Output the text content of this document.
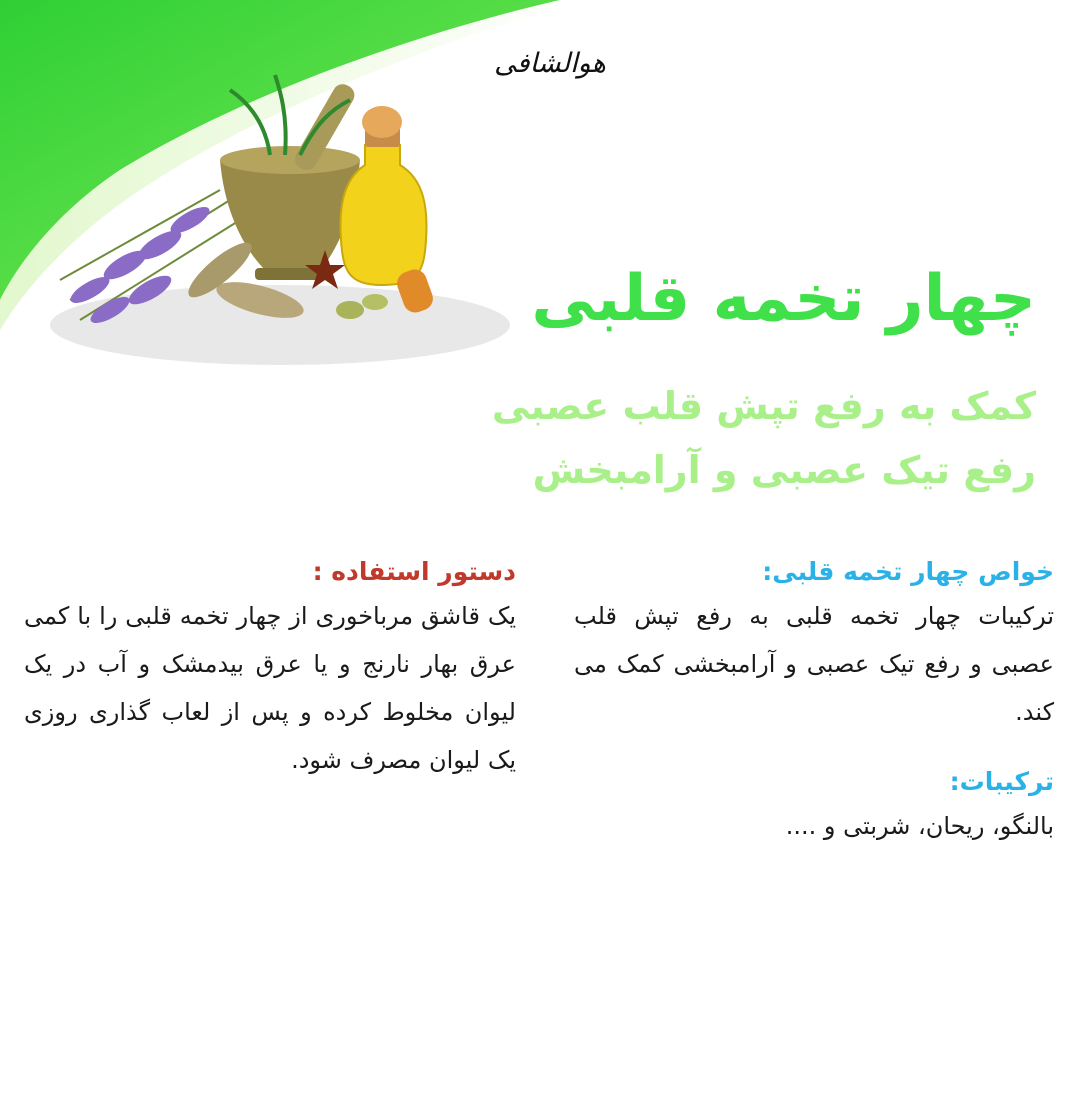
هوالشافی
چهار تخمه قلبی
کمک به رفع تپش قلب عصبی
رفع تیک عصبی و آرامبخش
خواص چهار تخمه قلبی:
ترکیبات چهار تخمه قلبی به رفع تپش قلب عصبی و رفع تیک عصبی و آرامبخشی کمک می کند.
ترکیبات:
بالنگو، ریحان، شربتی و ....
دستور استفاده :
یک قاشق مرباخوری از چهار تخمه قلبی را با کمی عرق بهار نارنج و یا عرق بیدمشک و آب در یک لیوان مخلوط کرده و پس از لعاب گذاری روزی یک لیوان مصرف شود.
